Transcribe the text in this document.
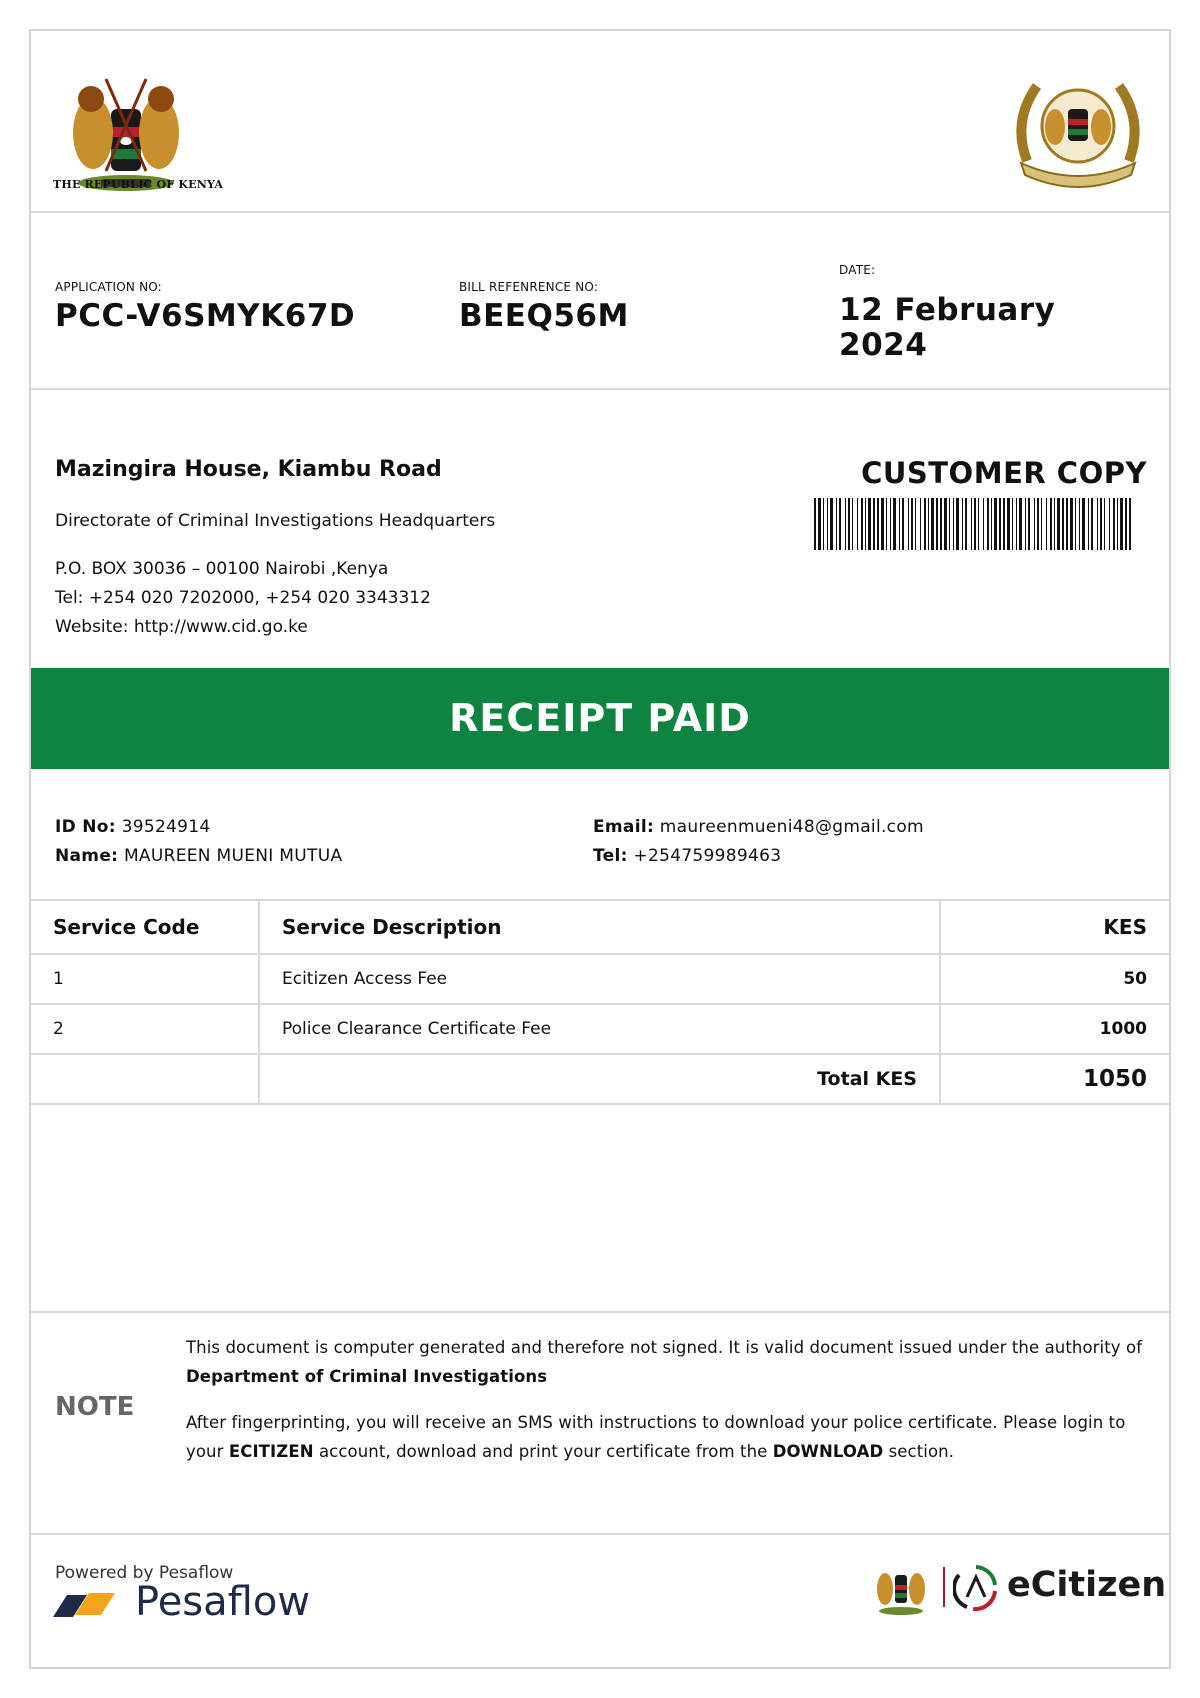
THE REPUBLIC OF KENYA
APPLICATION NO:
PCC-V6SMYK67D
BILL REFENRENCE NO:
BEEQ56M
DATE:
12 February 2024
Mazingira House, Kiambu Road
Directorate of Criminal Investigations Headquarters
P.O. BOX 30036 – 00100 Nairobi ,Kenya
Tel: +254 020 7202000, +254 020 3343312
Website: http://www.cid.go.ke
CUSTOMER COPY
RECEIPT PAID
ID No: 39524914
Name: MAUREEN MUENI MUTUA
Email: maureenmueni48@gmail.com
Tel: +254759989463
Service Code	Service Description	KES
1	Ecitizen Access Fee	50
2	Police Clearance Certificate Fee	1000
	Total KES	1050
NOTE

This document is computer generated and therefore not signed. It is valid document issued under the authority of Department of Criminal Investigations

After fingerprinting, you will receive an SMS with instructions to download your police certificate. Please login to your ECITIZEN account, download and print your certificate from the DOWNLOAD section.

Powered by Pesaflow
Pesaflow	eCitizen
